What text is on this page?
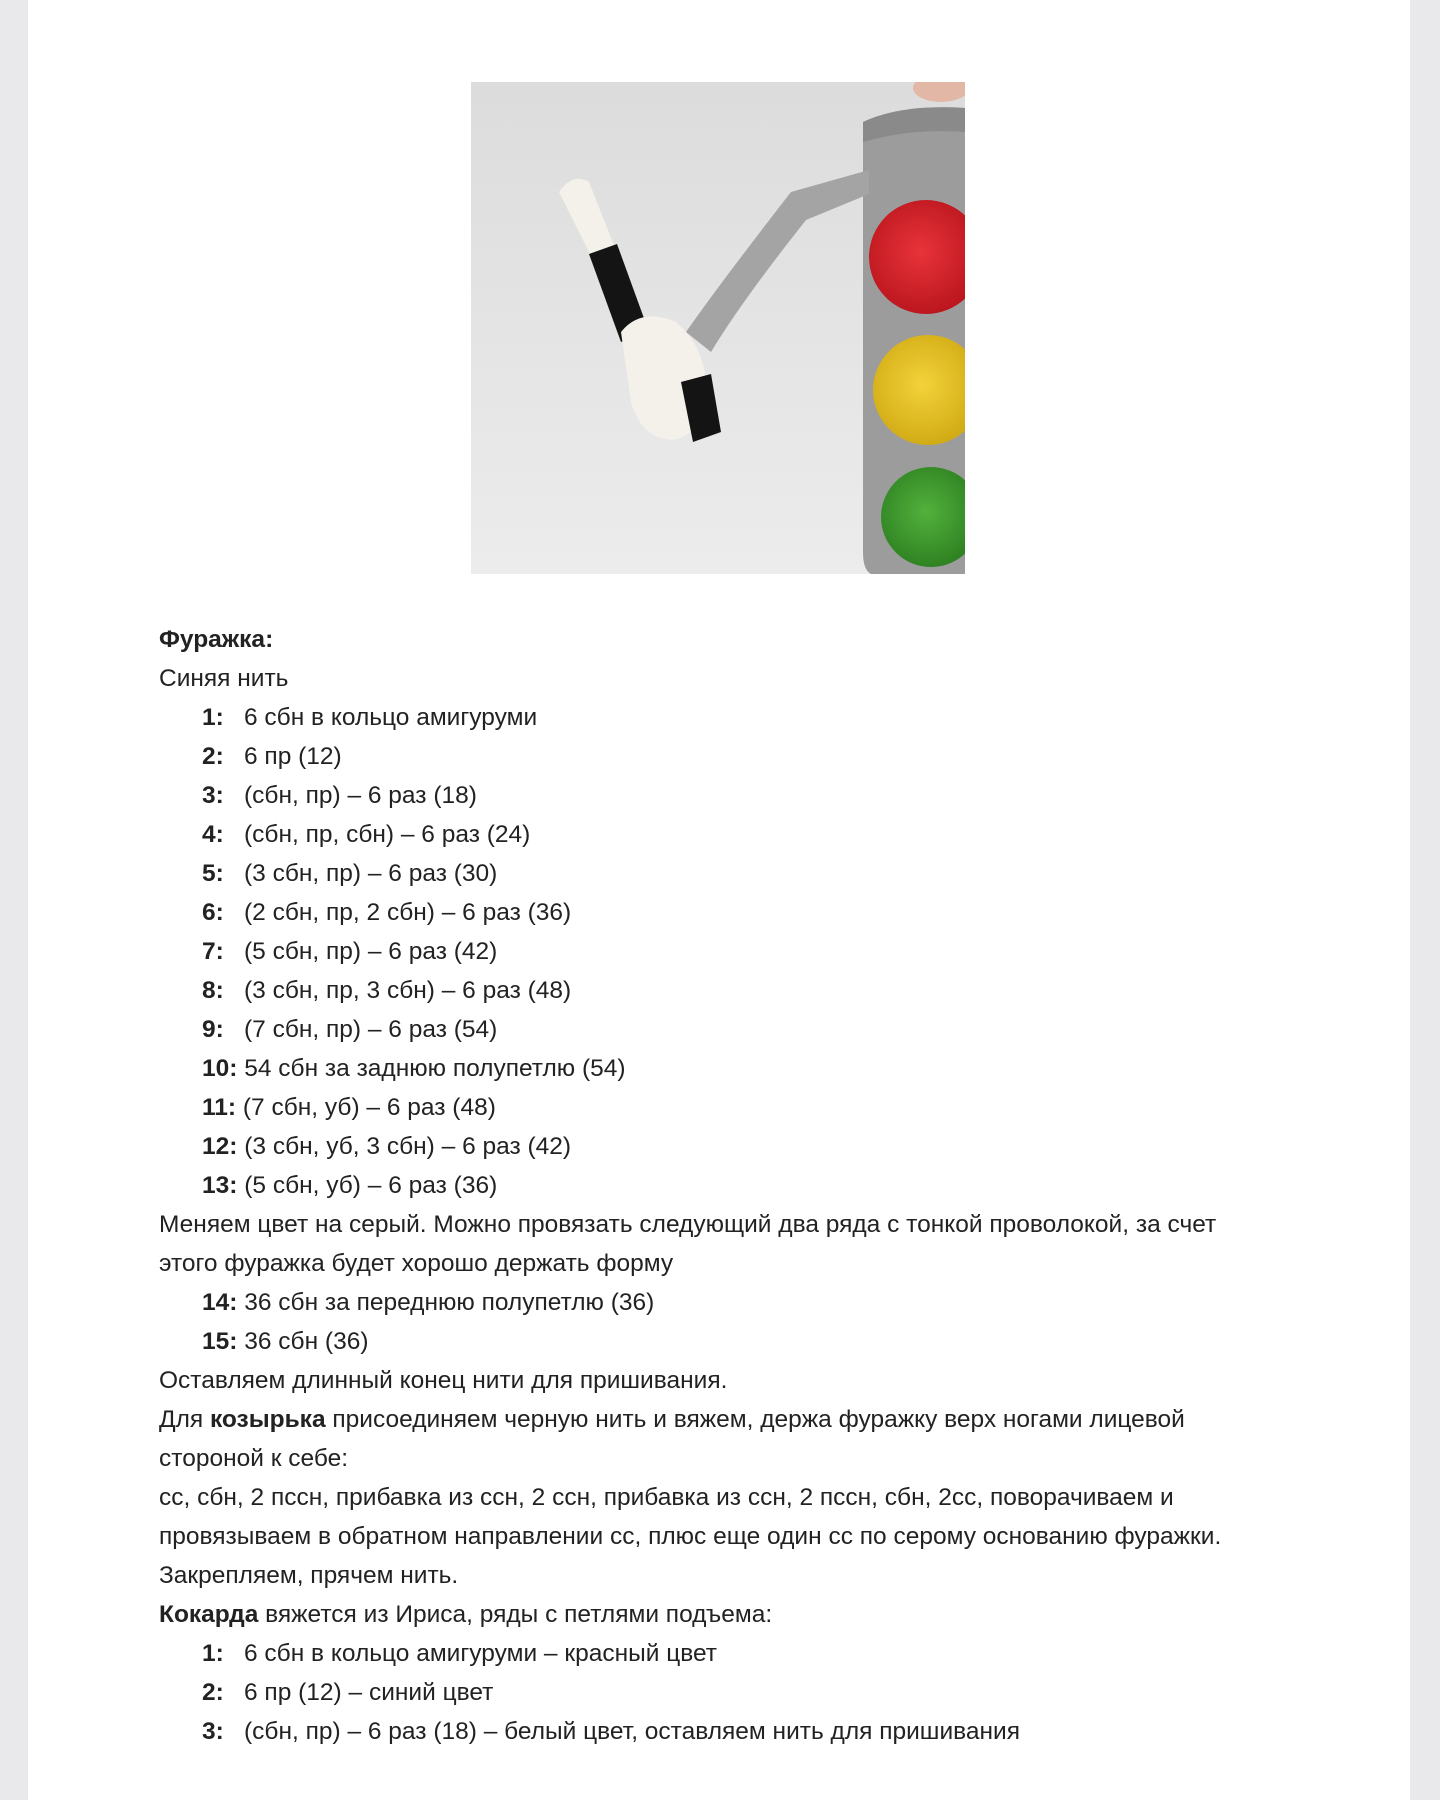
Фуражка:
Синяя нить
1: 6 сбн в кольцо амигуруми
2: 6 пр (12)
3: (сбн, пр) – 6 раз (18)
4: (сбн, пр, сбн) – 6 раз (24)
5: (3 сбн, пр) – 6 раз (30)
6: (2 сбн, пр, 2 сбн) – 6 раз (36)
7: (5 сбн, пр) – 6 раз (42)
8: (3 сбн, пр, 3 сбн) – 6 раз (48)
9: (7 сбн, пр) – 6 раз (54)
10: 54 сбн за заднюю полупетлю (54)
11: (7 сбн, уб) – 6 раз (48)
12: (3 сбн, уб, 3 сбн) – 6 раз (42)
13: (5 сбн, уб) – 6 раз (36)
Меняем цвет на серый. Можно провязать следующий два ряда с тонкой проволокой, за счет
этого фуражка будет хорошо держать форму
14: 36 сбн за переднюю полупетлю (36)
15: 36 сбн (36)
Оставляем длинный конец нити для пришивания.
Для козырька присоединяем черную нить и вяжем, держа фуражку верх ногами лицевой
стороной к себе:
сс, сбн, 2 пссн, прибавка из ссн, 2 ссн, прибавка из ссн, 2 пссн, сбн, 2сс, поворачиваем и
провязываем в обратном направлении сс, плюс еще один сс по серому основанию фуражки.
Закрепляем, прячем нить.
Кокарда вяжется из Ириса, ряды с петлями подъема:
1: 6 сбн в кольцо амигуруми – красный цвет
2: 6 пр (12) – синий цвет
3: (сбн, пр) – 6 раз (18) – белый цвет, оставляем нить для пришивания
